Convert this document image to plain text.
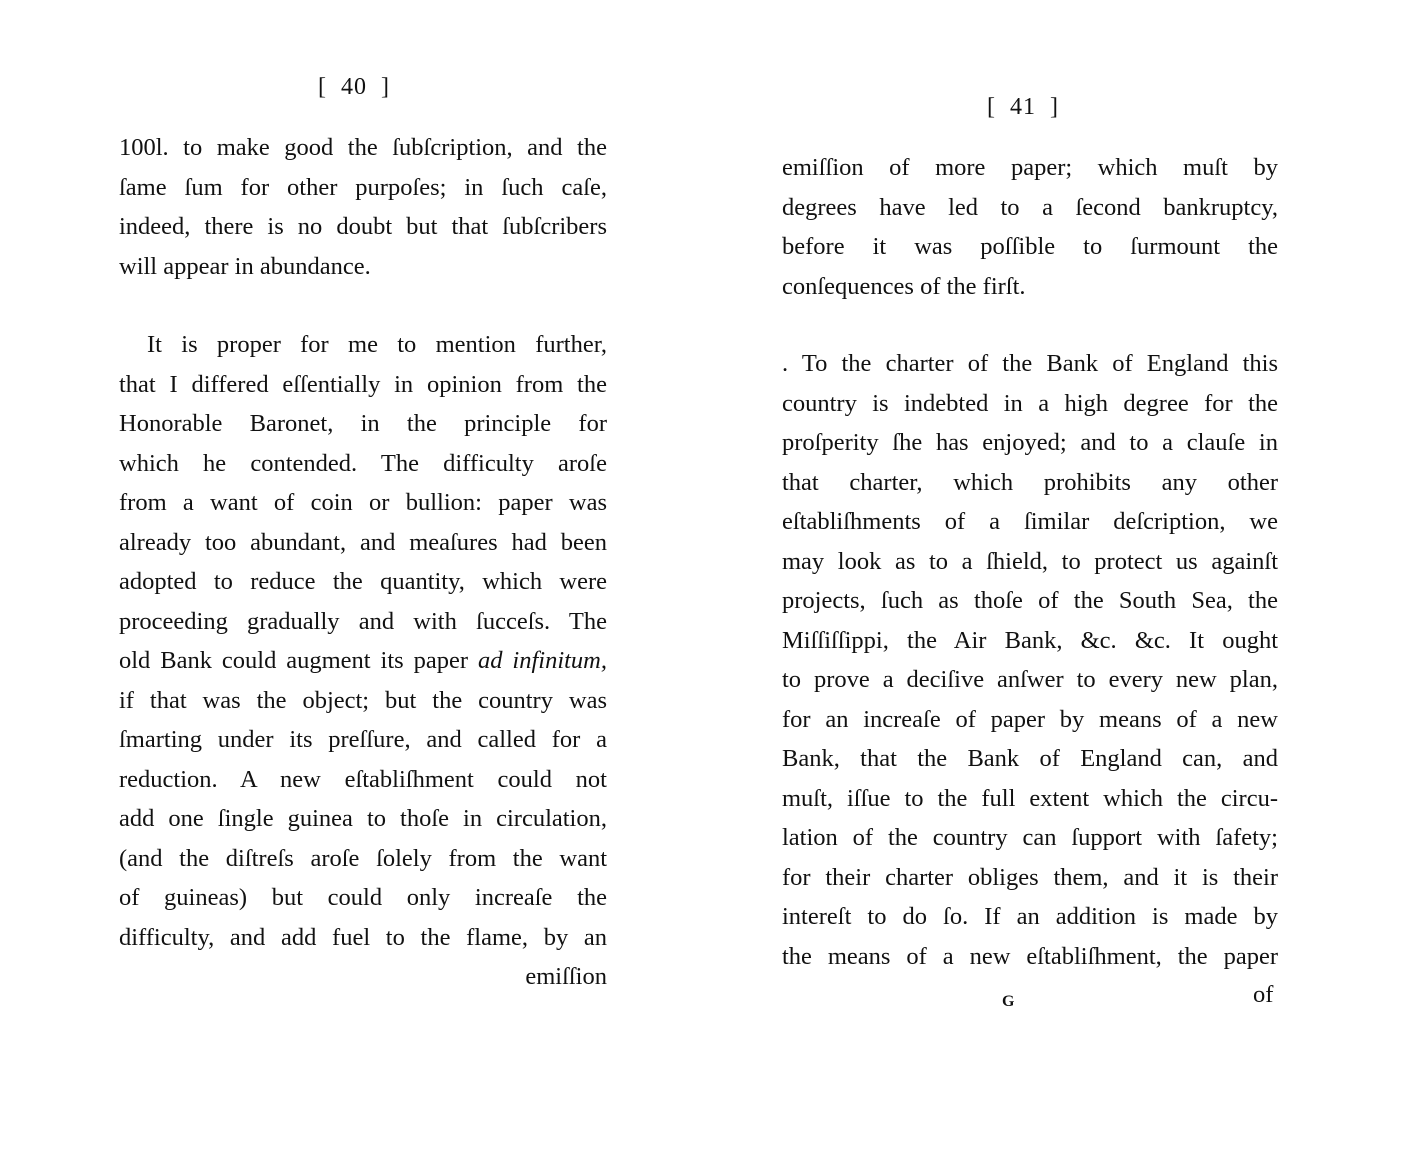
[  40  ]
100l. to make good the ſubſcription, and the
ſame ſum for other purpoſes; in ſuch caſe,
indeed, there is no doubt but that ſubſcribers
will appear in abundance.
It is proper for me to mention further,
that I differed eſſentially in opinion from the
Honorable Baronet, in the principle for
which he contended. The difficulty aroſe
from a want of coin or bullion: paper was
already too abundant, and meaſures had been
adopted to reduce the quantity, which were
proceeding gradually and with ſucceſs. The
old Bank could augment its paper ad infinitum,
if that was the object; but the country was
ſmarting under its preſſure, and called for a
reduction. A new eſtabliſhment could not
add one ſingle guinea to thoſe in circulation,
(and the diſtreſs aroſe ſolely from the want
of guineas) but could only increaſe the
difficulty, and add fuel to the flame, by an
emiſſion
[  41  ]
emiſſion of more paper; which muſt by
degrees have led to a ſecond bankruptcy,
before it was poſſible to ſurmount the
conſequences of the firſt.
. To the charter of the Bank of England this
country is indebted in a high degree for the
proſperity ſhe has enjoyed; and to a clauſe in
that charter, which prohibits any other
eſtabliſhments of a ſimilar deſcription, we
may look as to a ſhield, to protect us againſt
projects, ſuch as thoſe of the South Sea, the
Miſſiſſippi, the Air Bank, &c. &c. It ought
to prove a deciſive anſwer to every new plan,
for an increaſe of paper by means of a new
Bank, that the Bank of England can, and
muſt, iſſue to the full extent which the circu-
lation of the country can ſupport with ſafety;
for their charter obliges them, and it is their
intereſt to do ſo. If an addition is made by
the means of a new eſtabliſhment, the paper
G	of
